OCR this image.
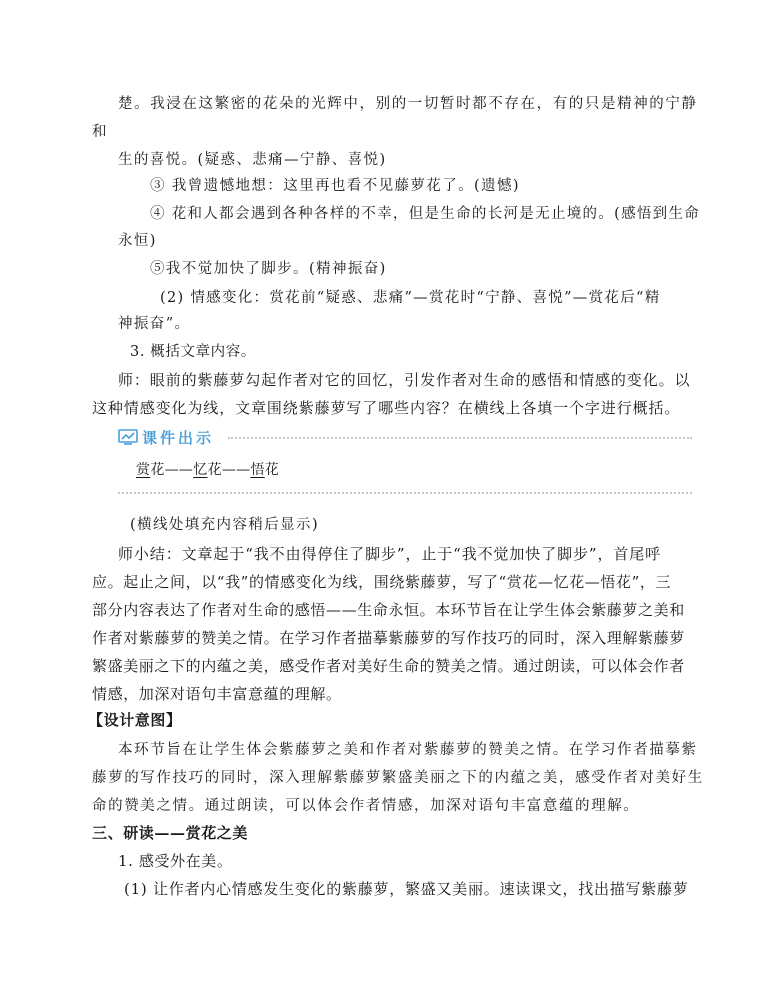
楚。我浸在这繁密的花朵的光辉中，别的一切暂时都不存在，有的只是精神的宁静
和
生的喜悦。(疑惑、悲痛—宁静、喜悦)
③ 我曾遗憾地想：这里再也看不见藤萝花了。(遗憾)
④ 花和人都会遇到各种各样的不幸，但是生命的长河是无止境的。(感悟到生命
永恒)
⑤我不觉加快了脚步。(精神振奋)
(2) 情感变化：赏花前“疑惑、悲痛”—赏花时“宁静、喜悦”—赏花后“精
神振奋”。
3. 概括文章内容。
师：眼前的紫藤萝勾起作者对它的回忆，引发作者对生命的感悟和情感的变化。以
这种情感变化为线，文章围绕紫藤萝写了哪些内容？在横线上各填一个字进行概括。
课件出示
赏花——忆花——悟花
(横线处填充内容稍后显示)
师小结：文章起于“我不由得停住了脚步”，止于“我不觉加快了脚步”，首尾呼
应。起止之间，以“我”的情感变化为线，围绕紫藤萝，写了“赏花—忆花—悟花”，三
部分内容表达了作者对生命的感悟——生命永恒。本环节旨在让学生体会紫藤萝之美和
作者对紫藤萝的赞美之情。在学习作者描摹紫藤萝的写作技巧的同时，深入理解紫藤萝
繁盛美丽之下的内蕴之美，感受作者对美好生命的赞美之情。通过朗读，可以体会作者
情感，加深对语句丰富意蕴的理解。
【设计意图】
本环节旨在让学生体会紫藤萝之美和作者对紫藤萝的赞美之情。在学习作者描摹紫
藤萝的写作技巧的同时，深入理解紫藤萝繁盛美丽之下的内蕴之美，感受作者对美好生
命的赞美之情。通过朗读，可以体会作者情感，加深对语句丰富意蕴的理解。
三、研读——赏花之美
1. 感受外在美。
(1) 让作者内心情感发生变化的紫藤萝，繁盛又美丽。速读课文，找出描写紫藤萝
